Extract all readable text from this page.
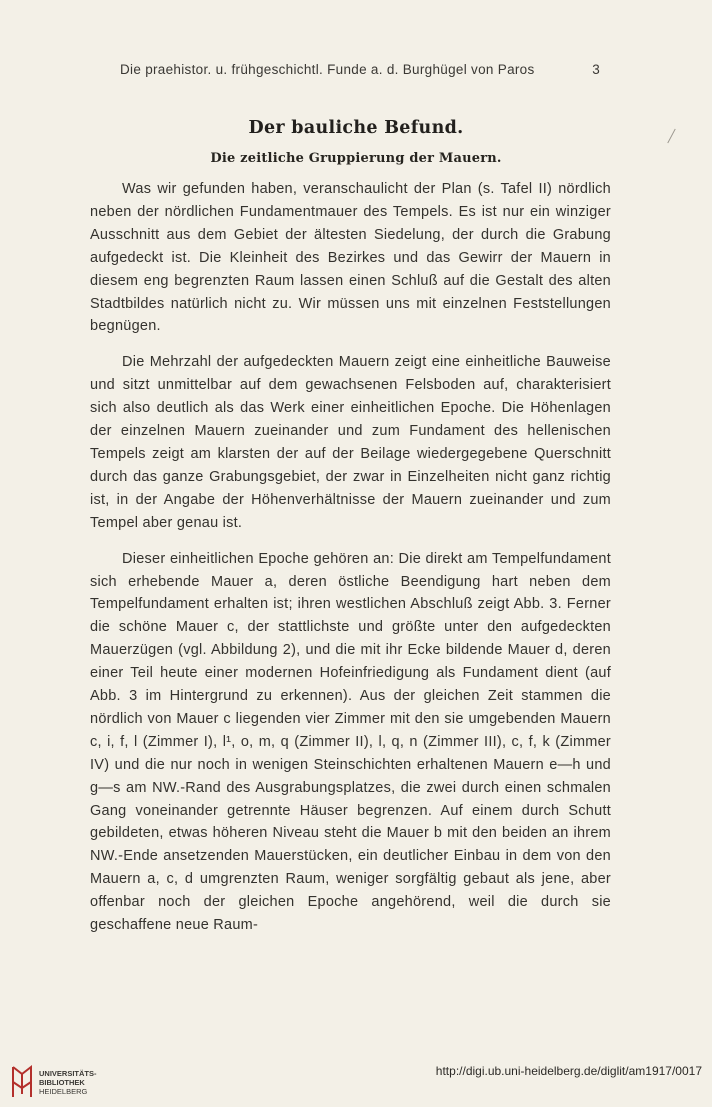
Die praehistor. u. frühgeschichtl. Funde a. d. Burghügel von Paros	3
Der bauliche Befund.
Die zeitliche Gruppierung der Mauern.

Was wir gefunden haben, veranschaulicht der Plan (s. Tafel II) nördlich neben der nördlichen Fundamentmauer des Tempels. Es ist nur ein winziger Ausschnitt aus dem Gebiet der ältesten Siedelung, der durch die Grabung aufgedeckt ist. Die Kleinheit des Bezirkes und das Gewirr der Mauern in diesem eng begrenzten Raum lassen einen Schluß auf die Gestalt des alten Stadtbildes natürlich nicht zu. Wir müssen uns mit einzelnen Feststellungen begnügen.

Die Mehrzahl der aufgedeckten Mauern zeigt eine einheitliche Bauweise und sitzt unmittelbar auf dem gewachsenen Felsboden auf, charakterisiert sich also deutlich als das Werk einer einheitlichen Epoche. Die Höhenlagen der einzelnen Mauern zueinander und zum Fundament des hellenischen Tempels zeigt am klarsten der auf der Beilage wiedergegebene Querschnitt durch das ganze Grabungsgebiet, der zwar in Einzelheiten nicht ganz richtig ist, in der Angabe der Höhenverhältnisse der Mauern zueinander und zum Tempel aber genau ist.

Dieser einheitlichen Epoche gehören an: Die direkt am Tempelfundament sich erhebende Mauer a, deren östliche Beendigung hart neben dem Tempelfundament erhalten ist; ihren westlichen Abschluß zeigt Abb. 3. Ferner die schöne Mauer c, der stattlichste und größte unter den aufgedeckten Mauerzügen (vgl. Abbildung 2), und die mit ihr Ecke bildende Mauer d, deren einer Teil heute einer modernen Hofeinfriedigung als Fundament dient (auf Abb. 3 im Hintergrund zu erkennen). Aus der gleichen Zeit stammen die nördlich von Mauer c liegenden vier Zimmer mit den sie umgebenden Mauern c, i, f, l (Zimmer I), l¹, o, m, q (Zimmer II), l, q, n (Zimmer III), c, f, k (Zimmer IV) und die nur noch in wenigen Steinschichten erhaltenen Mauern e—h und g—s am NW.-Rand des Ausgrabungsplatzes, die zwei durch einen schmalen Gang voneinander getrennte Häuser begrenzen. Auf einem durch Schutt gebildeten, etwas höheren Niveau steht die Mauer b mit den beiden an ihrem NW.-Ende ansetzenden Mauerstücken, ein deutlicher Einbau in dem von den Mauern a, c, d umgrenzten Raum, weniger sorgfältig gebaut als jene, aber offenbar noch der gleichen Epoche angehörend, weil die durch sie geschaffene neue Raum-

UNIVERSITÄTS-
BIBLIOTHEK
HEIDELBERG
http://digi.ub.uni-heidelberg.de/diglit/am1917/0017
